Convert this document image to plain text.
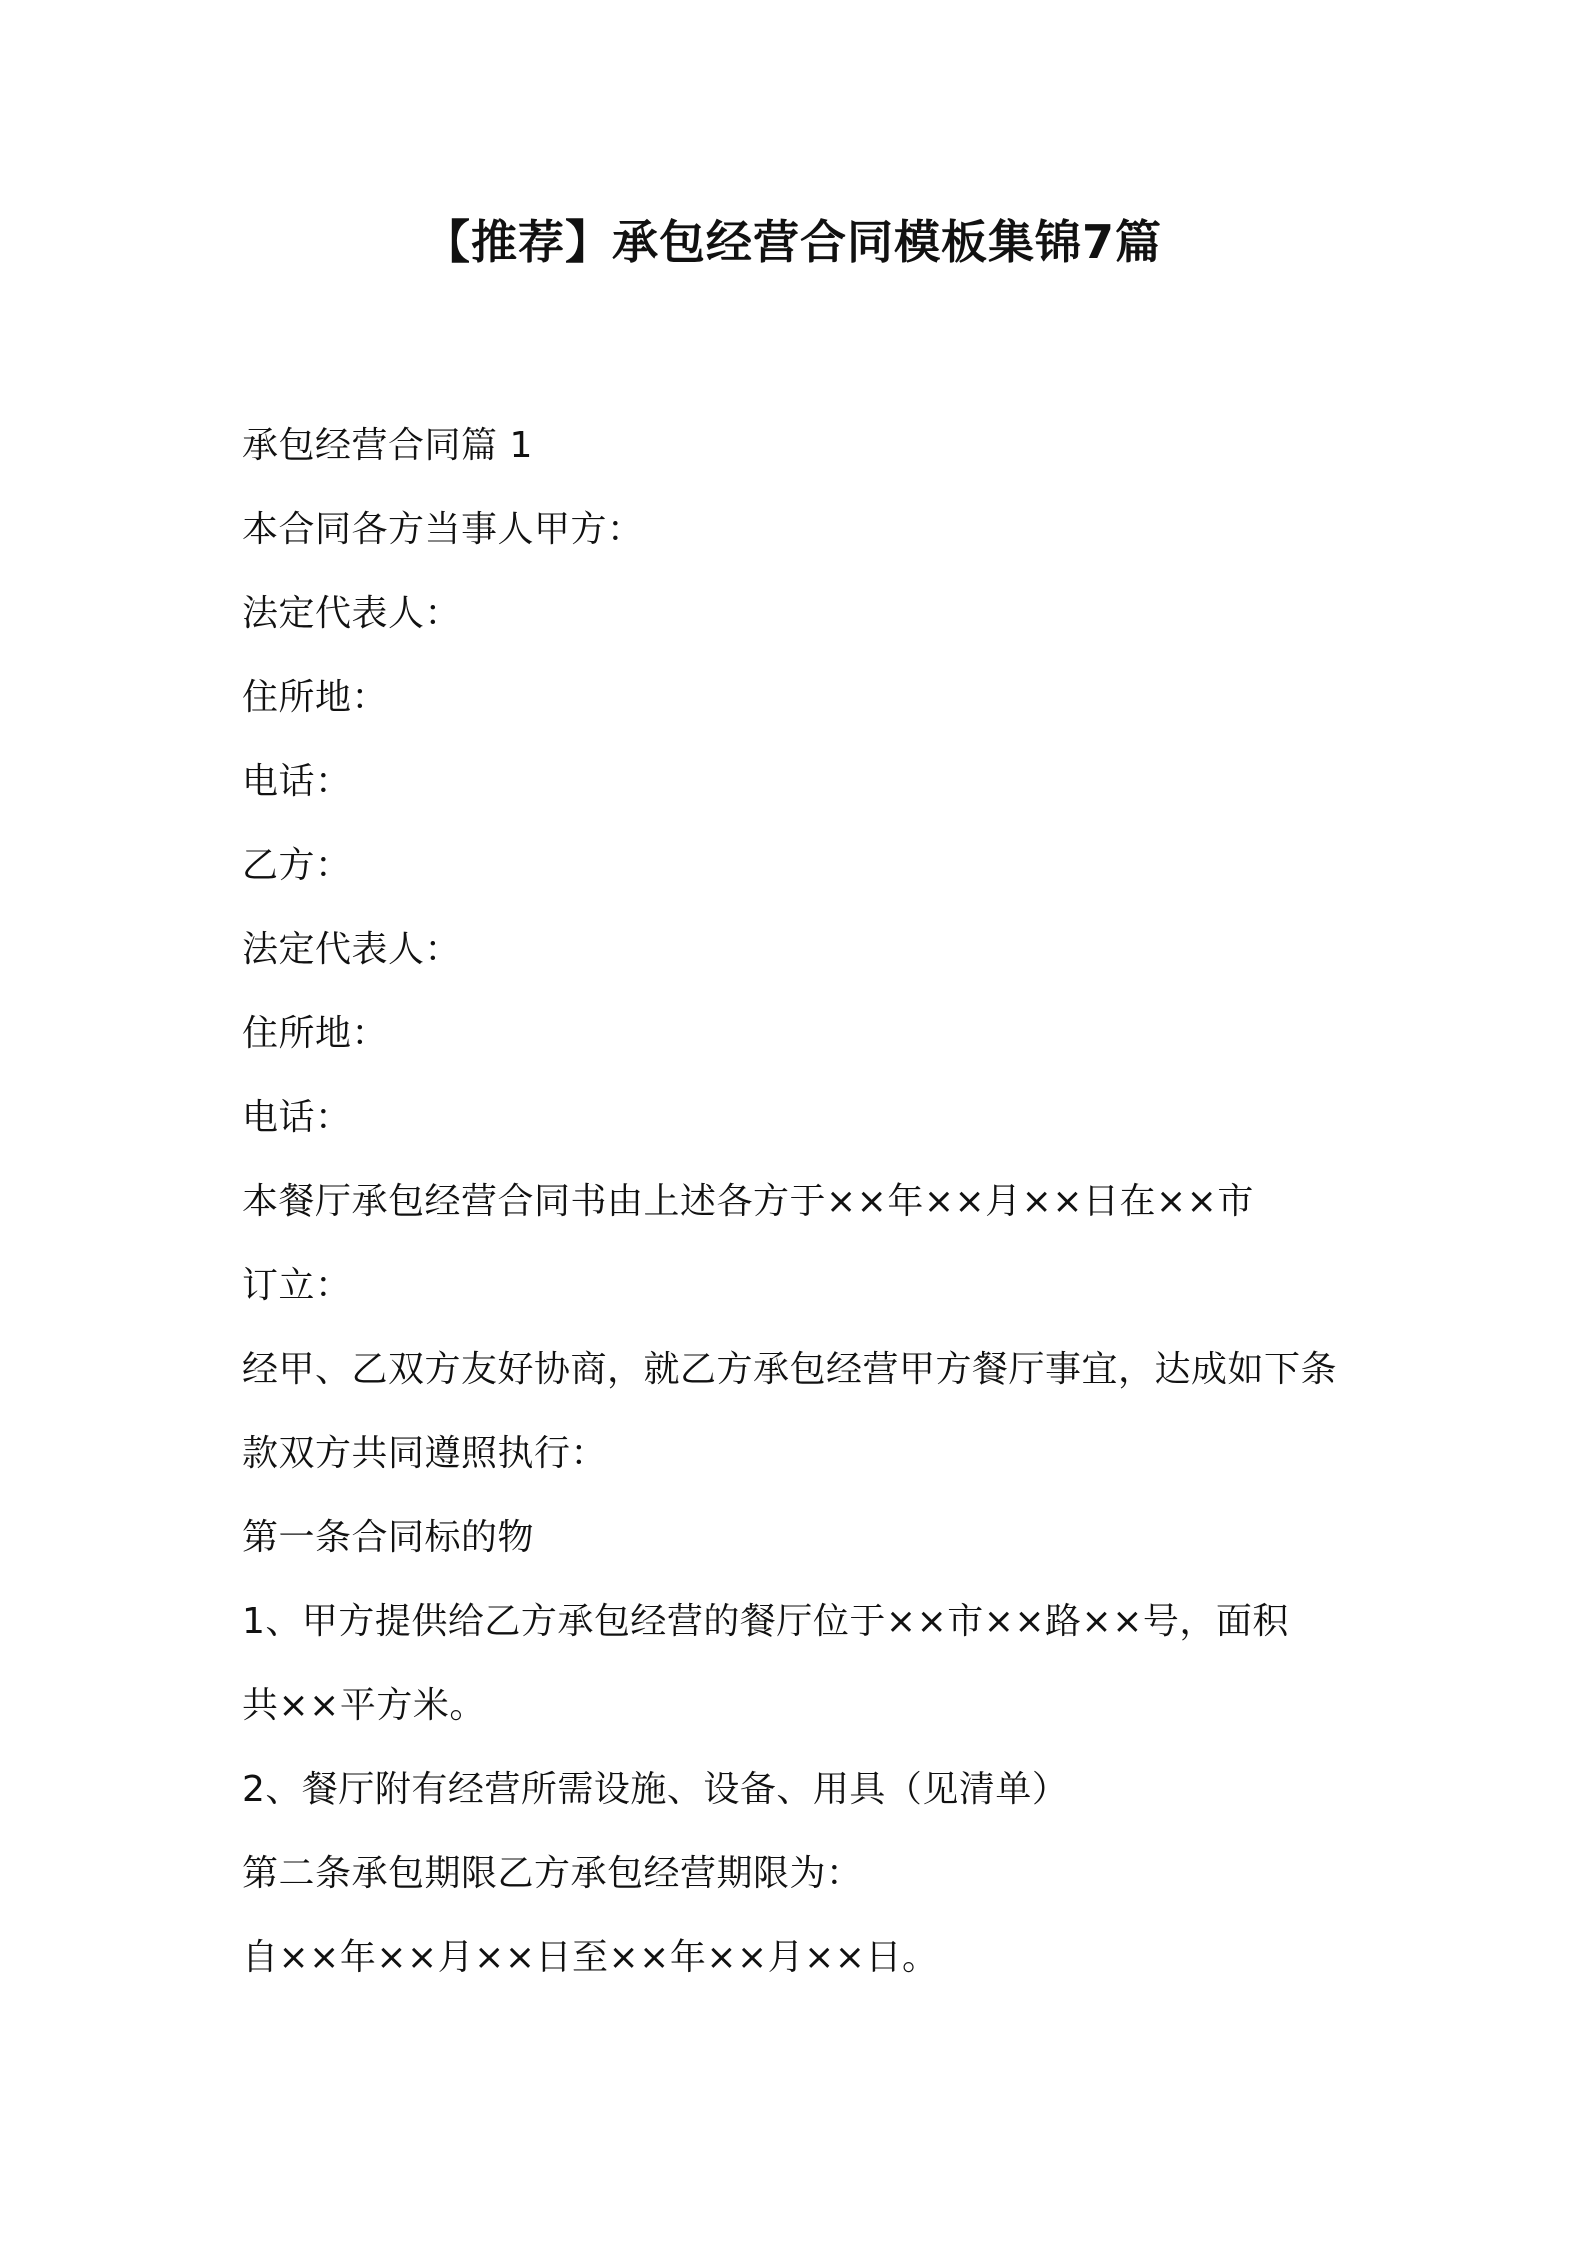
【推荐】承包经营合同模板集锦7篇
承包经营合同篇 1
本合同各方当事人甲方：
法定代表人：
住所地：
电话：
乙方：
法定代表人：
住所地：
电话：
本餐厅承包经营合同书由上述各方于××年××月××日在××市
订立：
经甲、乙双方友好协商，就乙方承包经营甲方餐厅事宜，达成如下条
款双方共同遵照执行：
第一条合同标的物
1、甲方提供给乙方承包经营的餐厅位于××市××路××号，面积
共××平方米。
2、餐厅附有经营所需设施、设备、用具（见清单）
第二条承包期限乙方承包经营期限为：
自××年××月××日至××年××月××日。
